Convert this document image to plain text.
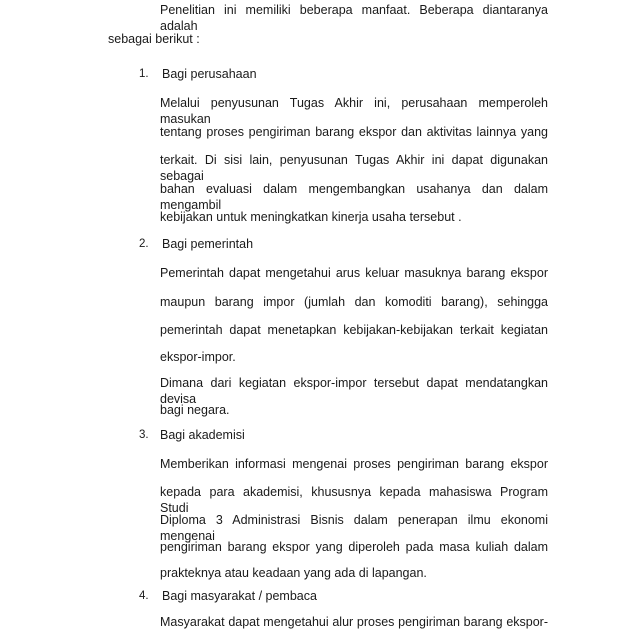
Penelitian ini memiliki beberapa manfaat. Beberapa diantaranya adalah
sebagai berikut :
1. Bagi perusahaan
Melalui penyusunan Tugas Akhir ini, perusahaan memperoleh masukan
tentang proses pengiriman barang ekspor dan aktivitas lainnya yang
terkait. Di sisi lain, penyusunan Tugas Akhir ini dapat digunakan sebagai
bahan evaluasi dalam mengembangkan usahanya dan dalam mengambil
kebijakan untuk meningkatkan kinerja usaha tersebut .
2. Bagi pemerintah
Pemerintah dapat mengetahui arus keluar masuknya barang ekspor
maupun barang impor (jumlah dan komoditi barang), sehingga
pemerintah dapat menetapkan kebijakan-kebijakan terkait kegiatan
ekspor-impor.
Dimana dari kegiatan ekspor-impor tersebut dapat mendatangkan devisa
bagi negara.
3. Bagi akademisi
Memberikan informasi mengenai proses pengiriman barang ekspor
kepada para akademisi, khususnya kepada mahasiswa Program Studi
Diploma 3 Administrasi Bisnis dalam penerapan ilmu ekonomi mengenai
pengiriman barang ekspor yang diperoleh pada masa kuliah dalam
prakteknya atau keadaan yang ada di lapangan.
4. Bagi masyarakat / pembaca
Masyarakat dapat mengetahui alur proses pengiriman barang ekspor-
